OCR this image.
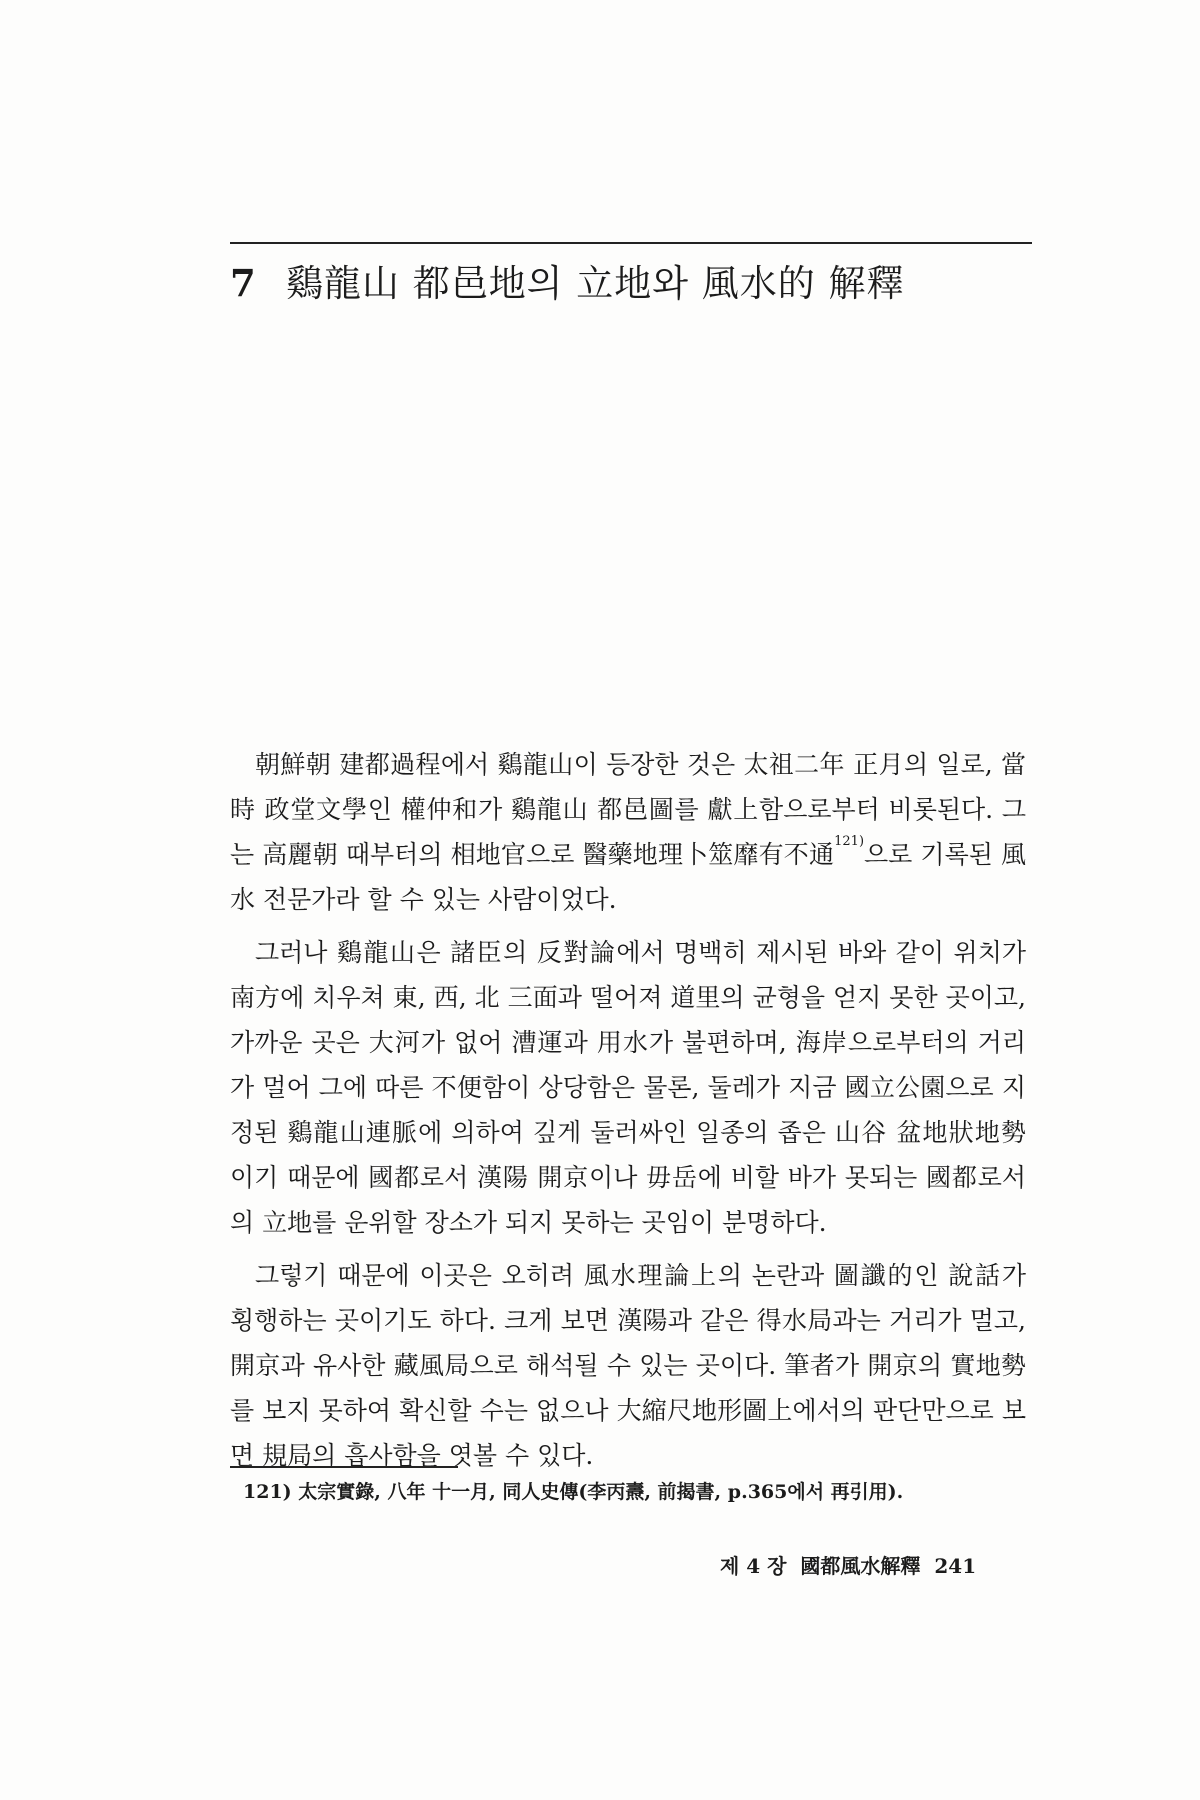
7 鷄龍山 都邑地의 立地와 風水的 解釋

朝鮮朝 建都過程에서 鷄龍山이 등장한 것은 太祖二年 正月의 일로, 當時 政堂文學인 權仲和가 鷄龍山 都邑圖를 獻上함으로부터 비롯된다. 그는 高麗朝 때부터의 相地官으로 醫藥地理卜筮靡有不通$^{121)}$으로 기록된 風水 전문가라 할 수 있는 사람이었다.

그러나 鷄龍山은 諸臣의 反對論에서 명백히 제시된 바와 같이 위치가 南方에 치우쳐 東, 西, 北 三面과 떨어져 道里의 균형을 얻지 못한 곳이고, 가까운 곳은 大河가 없어 漕運과 用水가 불편하며, 海岸으로부터의 거리가 멀어 그에 따른 不便함이 상당함은 물론, 둘레가 지금 國立公園으로 지정된 鷄龍山連脈에 의하여 깊게 둘러싸인 일종의 좁은 山谷 盆地狀地勢이기 때문에 國都로서 漢陽 開京이나 毋岳에 비할 바가 못되는 國都로서의 立地를 운위할 장소가 되지 못하는 곳임이 분명하다.

그렇기 때문에 이곳은 오히려 風水理論上의 논란과 圖讖的인 說話가 횡행하는 곳이기도 하다. 크게 보면 漢陽과 같은 得水局과는 거리가 멀고, 開京과 유사한 藏風局으로 해석될 수 있는 곳이다. 筆者가 開京의 實地勢를 보지 못하여 확신할 수는 없으나 大縮尺地形圖上에서의 판단만으로 보면 規局의 흡사함을 엿볼 수 있다.

121) 太宗實錄, 八年 十一月, 同人史傳(李丙燾, 前揭書, p.365에서 再引用).
제 4 장 國都風水解釋 241
